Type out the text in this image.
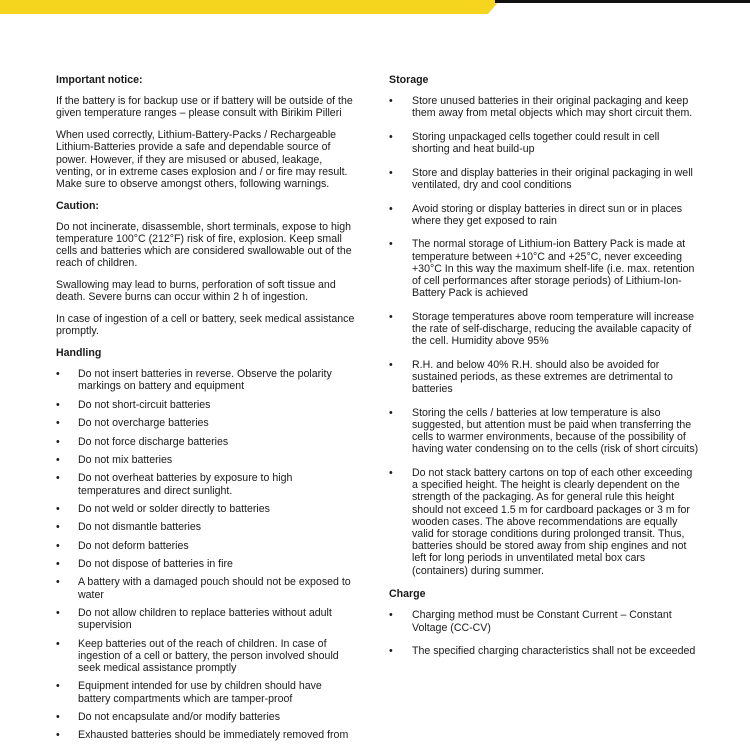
Important notice:

If the battery is for backup use or if battery will be outside of the given temperature ranges – please consult with Birikim Pilleri

When used correctly, Lithium-Battery-Packs / Rechargeable Lithium-Batteries provide a safe and dependable source of power. However, if they are misused or abused, leakage, venting, or in extreme cases explosion and / or fire may result. Make sure to observe amongst others, following warnings.

Caution:

Do not incinerate, disassemble, short terminals, expose to high temperature 100°C (212°F) risk of fire, explosion. Keep small cells and batteries which are considered swallowable out of the reach of children.

Swallowing may lead to burns, perforation of soft tissue and death. Severe burns can occur within 2 h of ingestion.

In case of ingestion of a cell or battery, seek medical assistance promptly.

Handling
• Do not insert batteries in reverse. Observe the polarity markings on battery and equipment
• Do not short-circuit batteries
• Do not overcharge batteries
• Do not force discharge batteries
• Do not mix batteries
• Do not overheat batteries by exposure to high temperatures and direct sunlight.
• Do not weld or solder directly to batteries
• Do not dismantle batteries
• Do not deform batteries
• Do not dispose of batteries in fire
• A battery with a damaged pouch should not be exposed to water
• Do not allow children to replace batteries without adult supervision
• Keep batteries out of the reach of children. In case of ingestion of a cell or battery, the person involved should seek medical assistance promptly
• Equipment intended for use by children should have battery compartments which are tamper-proof
• Do not encapsulate and/or modify batteries
• Exhausted batteries should be immediately removed from
Storage
• Store unused batteries in their original packaging and keep them away from metal objects which may short circuit them.
• Storing unpackaged cells together could result in cell shorting and heat build-up
• Store and display batteries in their original packaging in well ventilated, dry and cool conditions
• Avoid storing or display batteries in direct sun or in places where they get exposed to rain
• The normal storage of Lithium-ion Battery Pack is made at temperature between +10°C and +25°C, never exceeding +30°C In this way the maximum shelf-life (i.e. max. retention of cell performances after storage periods) of Lithium-Ion-Battery Pack is achieved
• Storage temperatures above room temperature will increase the rate of self-discharge, reducing the available capacity of the cell. Humidity above 95%
• R.H. and below 40% R.H. should also be avoided for sustained periods, as these extremes are detrimental to batteries
• Storing the cells / batteries at low temperature is also suggested, but attention must be paid when transferring the cells to warmer environments, because of the possibility of having water condensing on to the cells (risk of short circuits)
• Do not stack battery cartons on top of each other exceeding a specified height. The height is clearly dependent on the strength of the packaging. As for general rule this height should not exceed 1.5 m for cardboard packages or 3 m for wooden cases. The above recommendations are equally valid for storage conditions during prolonged transit. Thus, batteries should be stored away from ship engines and not left for long periods in unventilated metal box cars (containers) during summer.
Charge
• Charging method must be Constant Current – Constant Voltage (CC-CV)
• The specified charging characteristics shall not be exceeded
